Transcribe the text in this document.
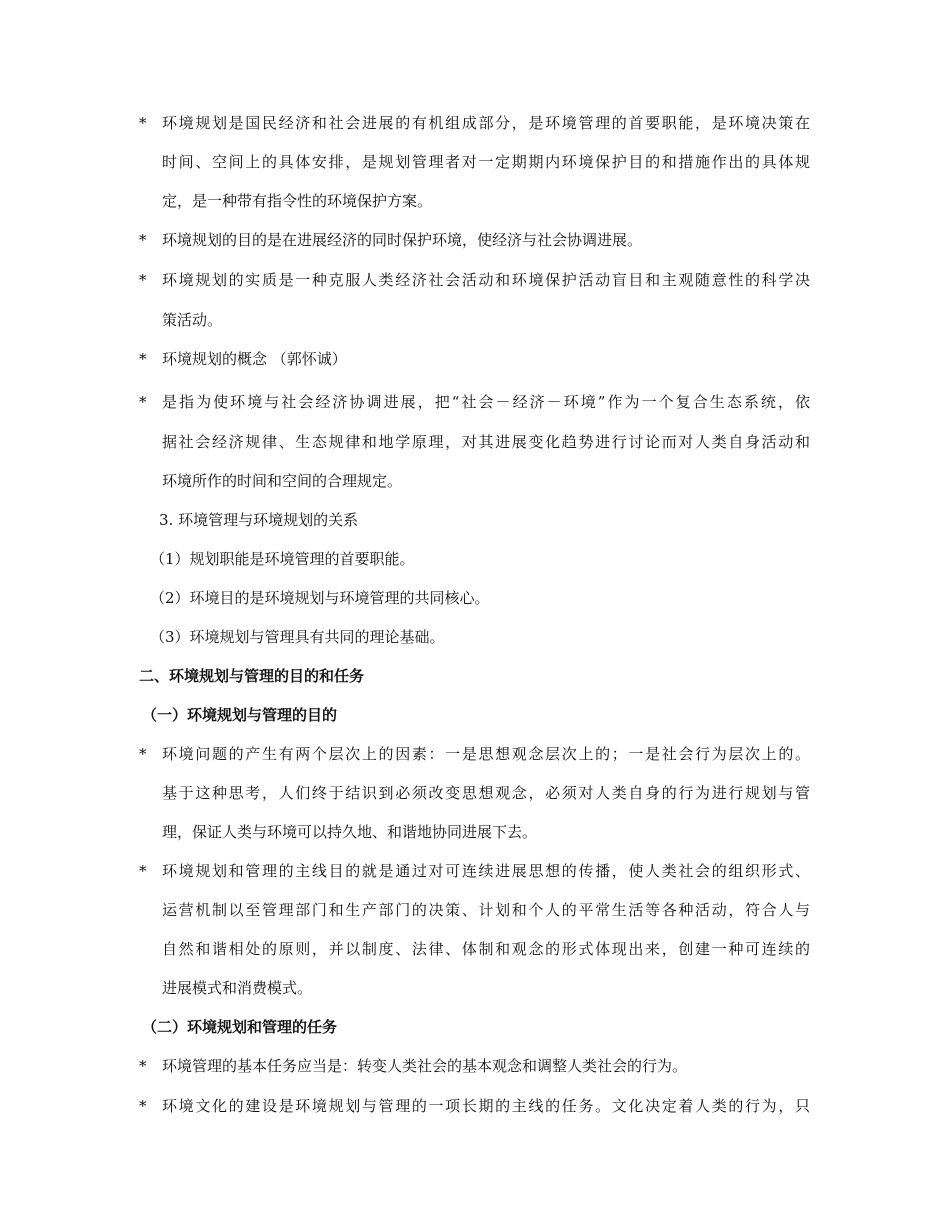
* 环境规划是国民经济和社会进展的有机组成部分，是环境管理的首要职能，是环境决策在
时间、空间上的具体安排，是规划管理者对一定期期内环境保护目的和措施作出的具体规
定，是一种带有指令性的环境保护方案。
* 环境规划的目的是在进展经济的同时保护环境，使经济与社会协调进展。
* 环境规划的实质是一种克服人类经济社会活动和环境保护活动盲目和主观随意性的科学决
策活动。
* 环境规划的概念 （郭怀诚）
* 是指为使环境与社会经济协调进展，把“社会－经济－环境”作为一个复合生态系统，依
据社会经济规律、生态规律和地学原理，对其进展变化趋势进行讨论而对人类自身活动和
环境所作的时间和空间的合理规定。
3. 环境管理与环境规划的关系
（1）规划职能是环境管理的首要职能。
（2）环境目的是环境规划与环境管理的共同核心。
（3）环境规划与管理具有共同的理论基础。
二、环境规划与管理的目的和任务
（一）环境规划与管理的目的
* 环境问题的产生有两个层次上的因素：一是思想观念层次上的；一是社会行为层次上的。
基于这种思考，人们终于结识到必须改变思想观念，必须对人类自身的行为进行规划与管
理，保证人类与环境可以持久地、和谐地协同进展下去。
* 环境规划和管理的主线目的就是通过对可连续进展思想的传播，使人类社会的组织形式、
运营机制以至管理部门和生产部门的决策、计划和个人的平常生活等各种活动，符合人与
自然和谐相处的原则，并以制度、法律、体制和观念的形式体现出来，创建一种可连续的
进展模式和消费模式。
（二）环境规划和管理的任务
* 环境管理的基本任务应当是：转变人类社会的基本观念和调整人类社会的行为。
* 环境文化的建设是环境规划与管理的一项长期的主线的任务。文化决定着人类的行为，只
